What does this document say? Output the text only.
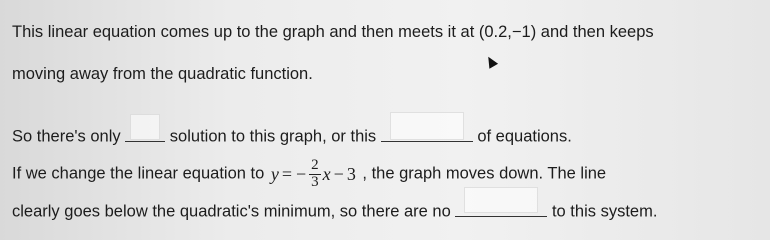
This linear equation comes up to the graph and then meets it at (0.2,−1) and then keeps
moving away from the quadratic function.
So there's only
solution to this graph, or this	of equations.
If we change the linear equation to y = − $\frac{2}{3}$ x − 3 , the graph moves down. The line
clearly goes below the quadratic's minimum, so there are no	to this system.
